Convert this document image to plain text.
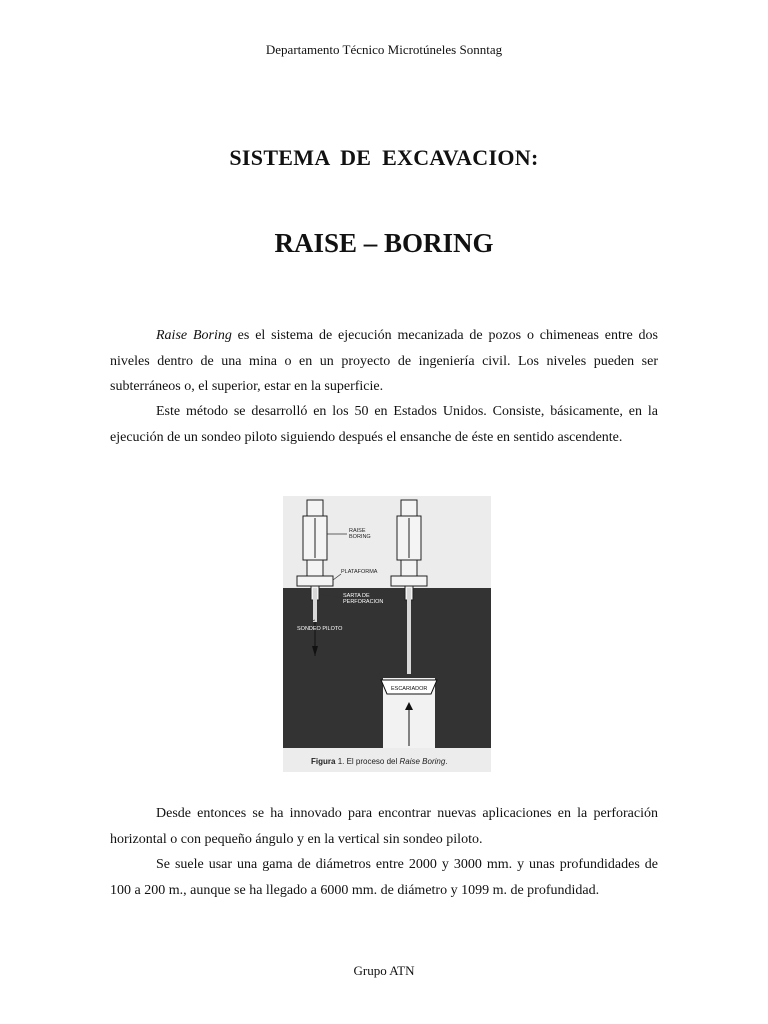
Departamento Técnico Microtúneles Sonntag
SISTEMA DE EXCAVACION:
RAISE – BORING

Raise Boring es el sistema de ejecución mecanizada de pozos o chimeneas entre dos niveles dentro de una mina o en un proyecto de ingeniería civil. Los niveles pueden ser subterráneos o, el superior, estar en la superficie.

Este método se desarrolló en los 50 en Estados Unidos. Consiste, básicamente, en la ejecución de un sondeo piloto siguiendo después el ensanche de éste en sentido ascendente.

RAISE
BORING
PLATAFORMA
SARTA DE
PERFORACION
SONDEO PILOTO
ESCARIADOR
Figura 1. El proceso del Raise Boring.

Desde entonces se ha innovado para encontrar nuevas aplicaciones en la perforación horizontal o con pequeño ángulo y en la vertical sin sondeo piloto.

Se suele usar una gama de diámetros entre 2000 y 3000 mm. y unas profundidades de 100 a 200 m., aunque se ha llegado a 6000 mm. de diámetro y 1099 m. de profundidad.

Grupo ATN
